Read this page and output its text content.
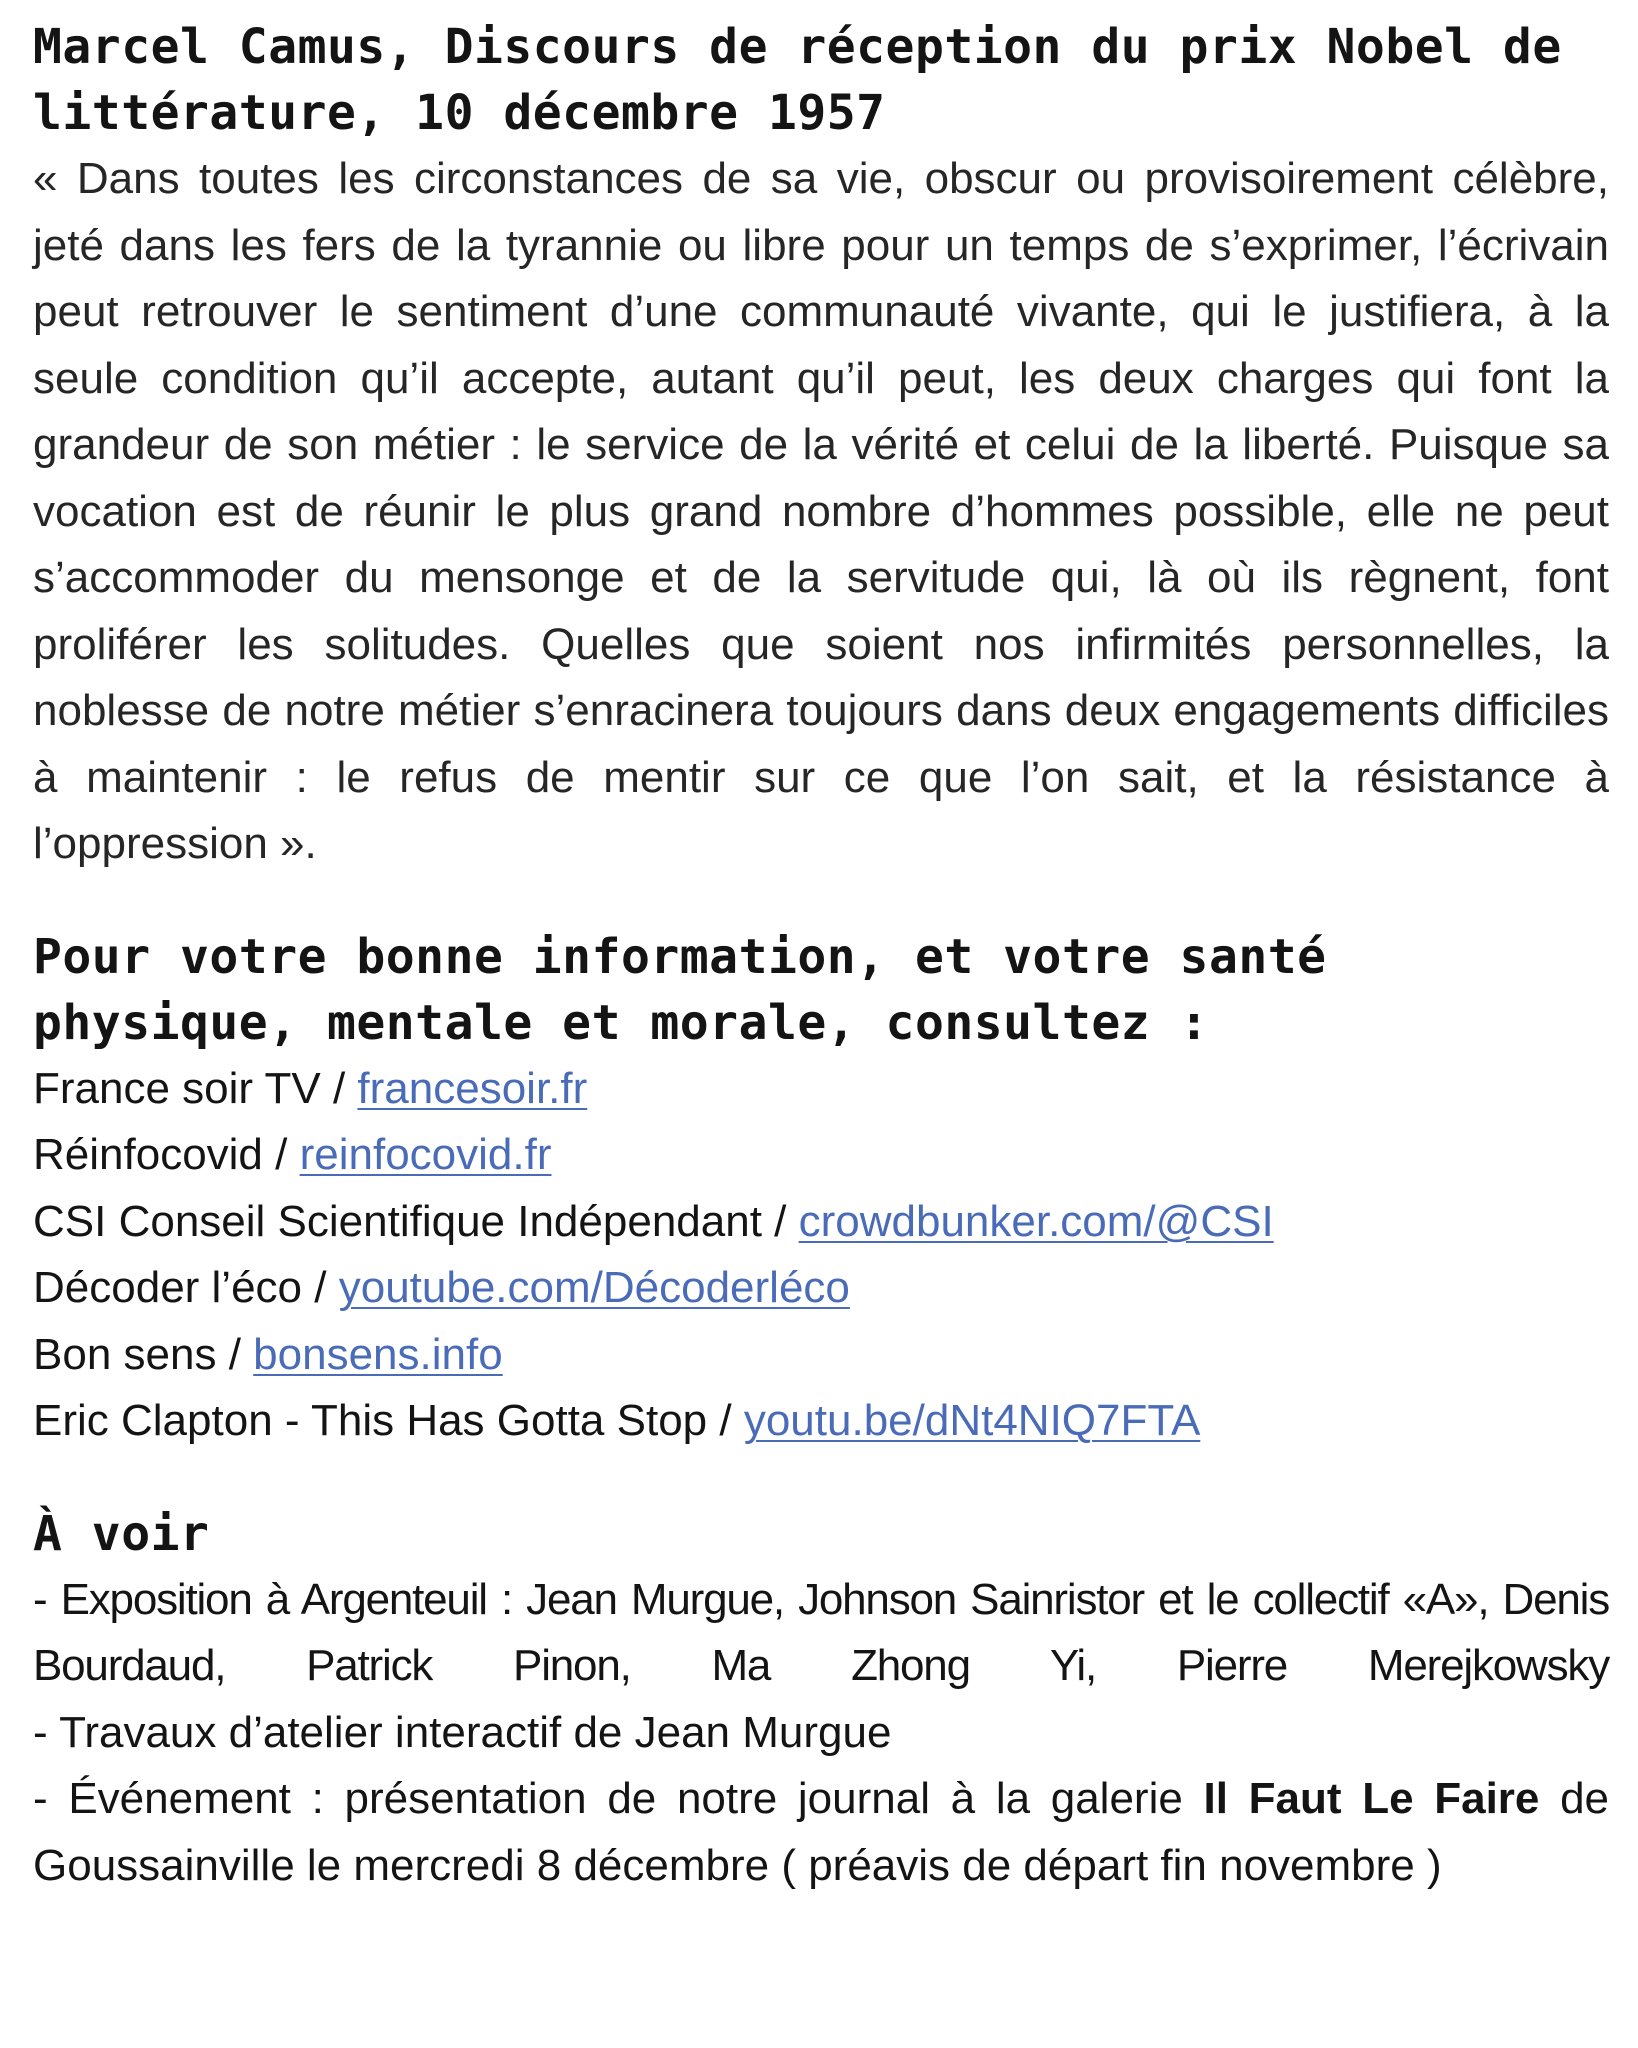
Marcel Camus, Discours de réception du prix Nobel de littérature, 10 décembre 1957

« Dans toutes les circonstances de sa vie, obscur ou provisoirement célèbre, jeté dans les fers de la tyrannie ou libre pour un temps de s’exprimer, l’écrivain peut retrouver le sentiment d’une communauté vivante, qui le justifiera, à la seule condition qu’il accepte, autant qu’il peut, les deux charges qui font la grandeur de son métier : le service de la vérité et celui de la liberté. Puisque sa vocation est de réunir le plus grand nombre d’hommes possible, elle ne peut s’accommoder du mensonge et de la servitude qui, là où ils règnent, font proliférer les solitudes. Quelles que soient nos infirmités personnelles, la noblesse de notre métier s’enracinera toujours dans deux engagements difficiles à maintenir : le refus de mentir sur ce que l’on sait, et la résistance à l’oppression ».

Pour votre bonne information, et votre santé physique, mentale et morale, consultez :
France soir TV / francesoir.fr
Réinfocovid / reinfocovid.fr
CSI Conseil Scientifique Indépendant / crowdbunker.com/@CSI
Décoder l’éco / youtube.com/Décoderléco
Bon sens / bonsens.info
Eric Clapton - This Has Gotta Stop / youtu.be/dNt4NIQ7FTA
À voir

- Exposition à Argenteuil : Jean Murgue, Johnson Sainristor et le collectif «A», Denis Bourdaud, Patrick Pinon, Ma Zhong Yi, Pierre Merejkowsky

- Travaux d’atelier interactif de Jean Murgue

- Événement : présentation de notre journal à la galerie Il Faut Le Faire de Goussainville le mercredi 8 décembre ( préavis de départ fin novembre )
